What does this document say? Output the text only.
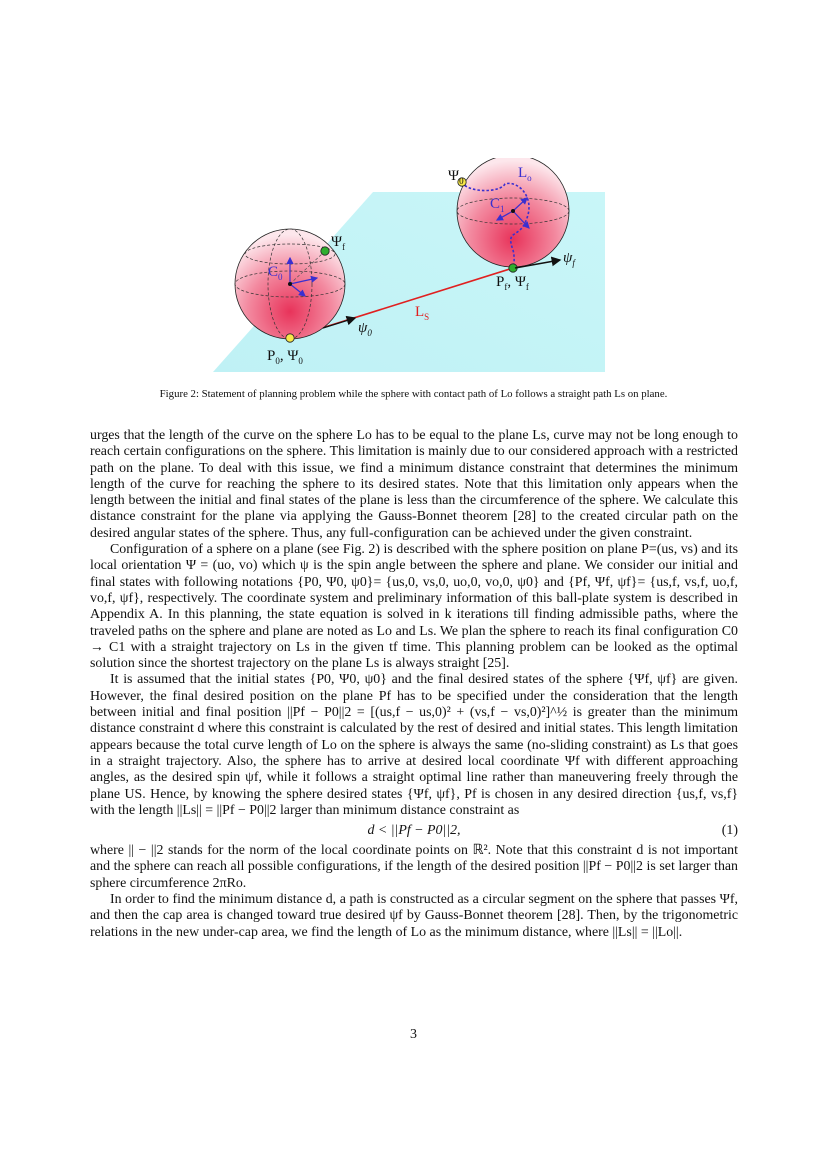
$\Psi_0$	$L_o$
$C_1$
$\psi_f$
$P_f$, $\Psi_f$
$\Psi_f$
$C_0$
$L_S$
$\psi_0$
$P_0$, $\Psi_0$
Figure 2: Statement of planning problem while the sphere with contact path of Lo follows a straight path Ls on plane.

urges that the length of the curve on the sphere Lo has to be equal to the plane Ls, curve may not be long enough to reach certain configurations on the sphere. This limitation is mainly due to our considered approach with a restricted path on the plane. To deal with this issue, we find a minimum distance constraint that determines the minimum length of the curve for reaching the sphere to its desired states. Note that this limitation only appears when the length between the initial and final states of the plane is less than the circumference of the sphere. We calculate this distance constraint for the plane via applying the Gauss-Bonnet theorem [28] to the created circular path on the desired angular states of the sphere. Thus, any full-configuration can be achieved under the given constraint.

Configuration of a sphere on a plane (see Fig. 2) is described with the sphere position on plane P=(us, vs) and its local orientation Ψ = (uo, vo) which ψ is the spin angle between the sphere and plane. We consider our initial and final states with following notations {P0, Ψ0, ψ0}= {us,0, vs,0, uo,0, vo,0, ψ0} and {Pf, Ψf, ψf}= {us,f, vs,f, uo,f, vo,f, ψf}, respectively. The coordinate system and preliminary information of this ball-plate system is described in Appendix A. In this planning, the state equation is solved in k iterations till finding admissible paths, where the traveled paths on the sphere and plane are noted as Lo and Ls. We plan the sphere to reach its final configuration C0 → C1 with a straight trajectory on Ls in the given tf time. This planning problem can be looked as the optimal solution since the shortest trajectory on the plane Ls is always straight [25].

It is assumed that the initial states {P0, Ψ0, ψ0} and the final desired states of the sphere {Ψf, ψf} are given. However, the final desired position on the plane Pf has to be specified under the consideration that the length between initial and final position ||Pf − P0||2 = [(us,f − us,0)² + (vs,f − vs,0)²]^½ is greater than the minimum distance constraint d where this constraint is calculated by the rest of desired and initial states. This length limitation appears because the total curve length of Lo on the sphere is always the same (no-sliding constraint) as Ls that goes in a straight trajectory. Also, the sphere has to arrive at desired local coordinate Ψf with different approaching angles, as the desired spin ψf, while it follows a straight optimal line rather than maneuvering freely through the plane US. Hence, by knowing the sphere desired states {Ψf, ψf}, Pf is chosen in any desired direction {us,f, vs,f} with the length ||Ls|| = ||Pf − P0||2 larger than minimum distance constraint as

d < ||Pf − P0||2,	(1)

where || − ||2 stands for the norm of the local coordinate points on ℝ². Note that this constraint d is not important and the sphere can reach all possible configurations, if the length of the desired position ||Pf − P0||2 is set larger than sphere circumference 2πRo.

In order to find the minimum distance d, a path is constructed as a circular segment on the sphere that passes Ψf, and then the cap area is changed toward true desired ψf by Gauss-Bonnet theorem [28]. Then, by the trigonometric relations in the new under-cap area, we find the length of Lo as the minimum distance, where ||Ls|| = ||Lo||.

3
